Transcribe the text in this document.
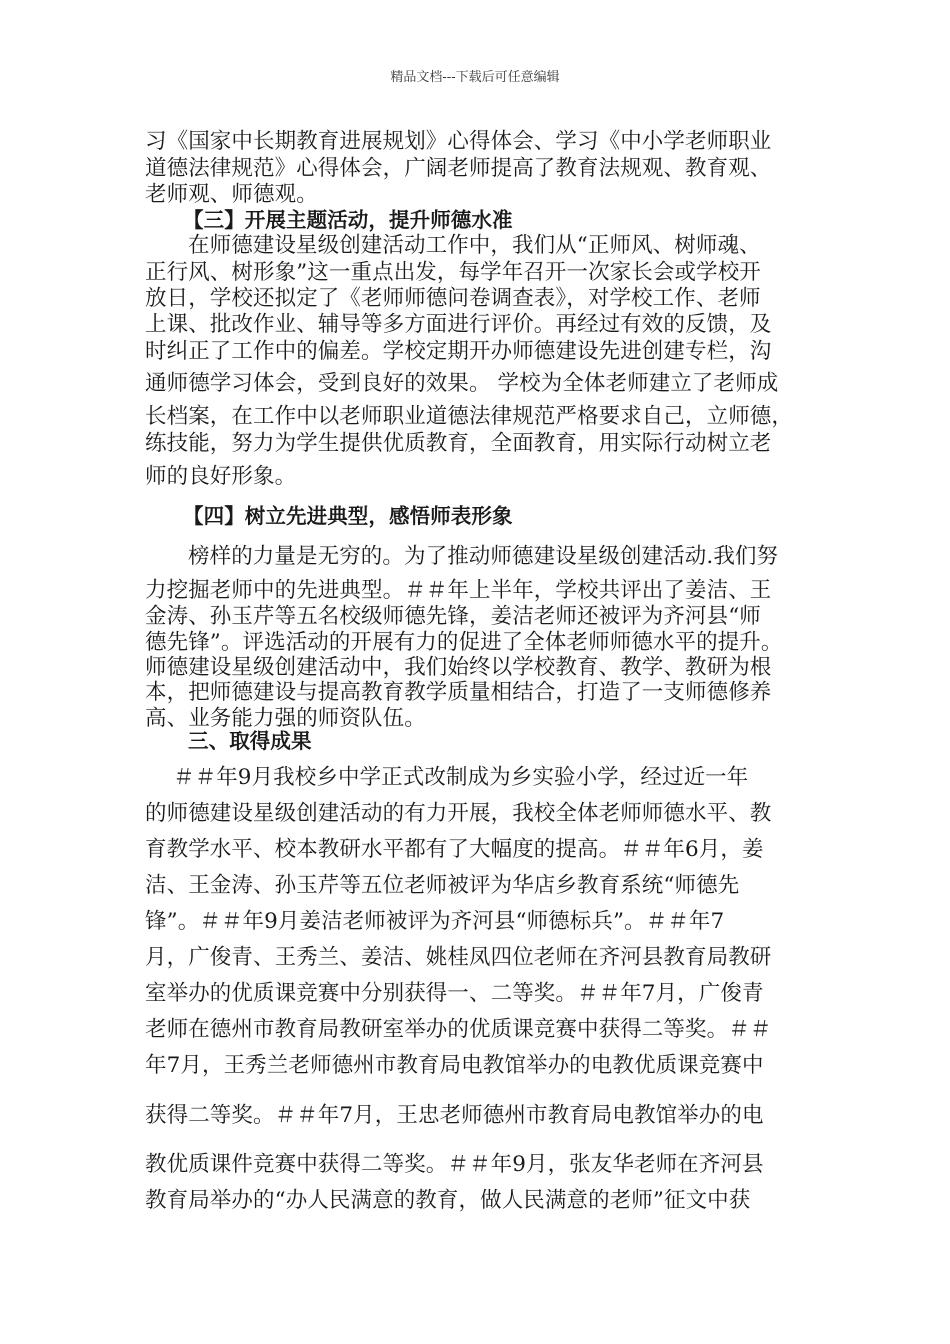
精品文档---下载后可任意编辑
习《国家中长期教育进展规划》心得体会、学习《中小学老师职业
道德法律规范》心得体会，广阔老师提高了教育法规观、教育观、
老师观、师德观。
【三】开展主题活动，提升师德水准
在师德建设星级创建活动工作中，我们从“正师风、树师魂、
正行风、树形象”这一重点出发，每学年召开一次家长会或学校开
放日，学校还拟定了《老师师德问卷调查表》，对学校工作、老师
上课、批改作业、辅导等多方面进行评价。再经过有效的反馈，及
时纠正了工作中的偏差。学校定期开办师德建设先进创建专栏，沟
通师德学习体会，受到良好的效果。 学校为全体老师建立了老师成
长档案，在工作中以老师职业道德法律规范严格要求自己，立师德，
练技能，努力为学生提供优质教育，全面教育，用实际行动树立老
师的良好形象。
【四】树立先进典型，感悟师表形象
榜样的力量是无穷的。为了推动师德建设星级创建活动.我们努
力挖掘老师中的先进典型。＃＃年上半年，学校共评出了姜洁、王
金涛、孙玉芹等五名校级师德先锋，姜洁老师还被评为齐河县“师
德先锋”。评选活动的开展有力的促进了全体老师师德水平的提升。
师德建设星级创建活动中，我们始终以学校教育、教学、教研为根
本，把师德建设与提高教育教学质量相结合，打造了一支师德修养
高、业务能力强的师资队伍。
三、取得成果
＃＃年9月我校乡中学正式改制成为乡实验小学，经过近一年
的师德建设星级创建活动的有力开展，我校全体老师师德水平、教
育教学水平、校本教研水平都有了大幅度的提高。＃＃年6月，姜
洁、王金涛、孙玉芹等五位老师被评为华店乡教育系统“师德先
锋”。＃＃年9月姜洁老师被评为齐河县“师德标兵”。＃＃年7
月，广俊青、王秀兰、姜洁、姚桂凤四位老师在齐河县教育局教研
室举办的优质课竞赛中分别获得一、二等奖。＃＃年7月，广俊青
老师在德州市教育局教研室举办的优质课竞赛中获得二等奖。＃＃
年7月，王秀兰老师德州市教育局电教馆举办的电教优质课竞赛中
获得二等奖。＃＃年7月，王忠老师德州市教育局电教馆举办的电
教优质课件竞赛中获得二等奖。＃＃年9月，张友华老师在齐河县
教育局举办的“办人民满意的教育，做人民满意的老师”征文中获
